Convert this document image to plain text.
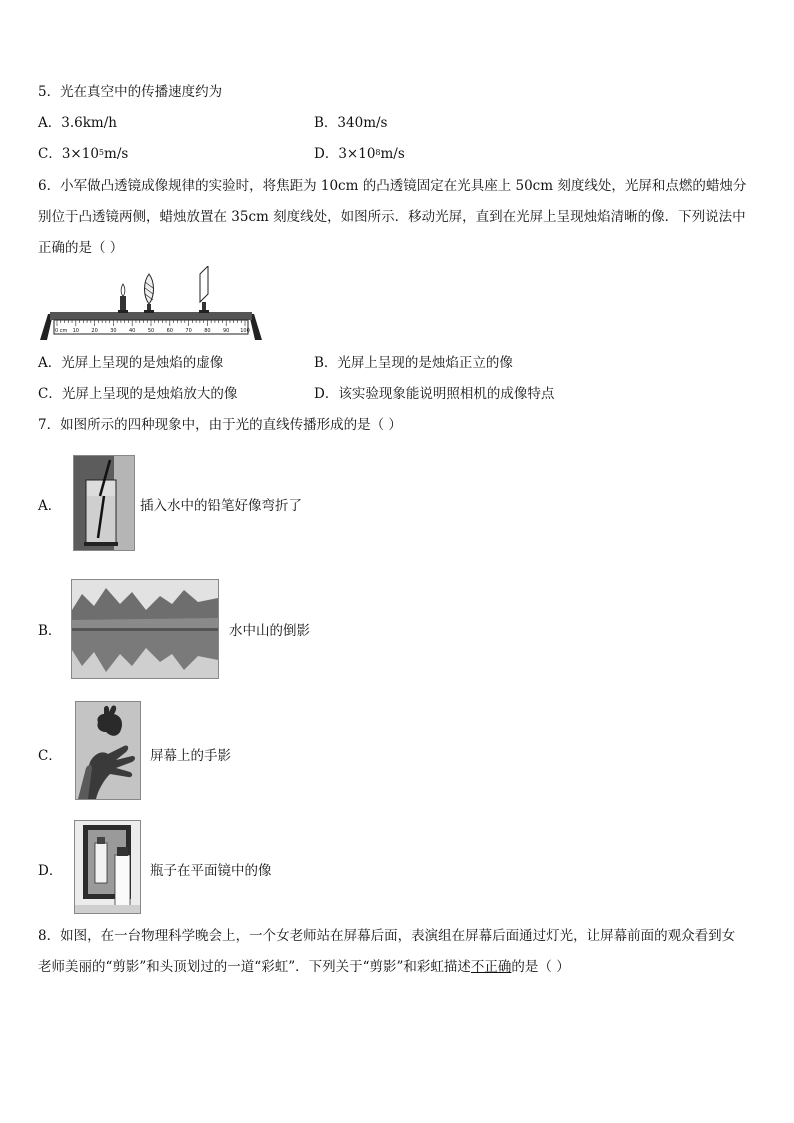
5．光在真空中的传播速度约为
A．3.6km/h	B．340m/s
C．$3\times 10^5m/s$	D．$3\times 10^8m/s$
6．小军做凸透镜成像规律的实验时，将焦距为 10cm 的凸透镜固定在光具座上 50cm 刻度线处，光屏和点燃的蜡烛分
别位于凸透镜两侧，蜡烛放置在 35cm 刻度线处，如图所示．移动光屏，直到在光屏上呈现烛焰清晰的像．下列说法中
正确的是（ ）
0 cm 10 20 30 40 50 60 70 80 90 100
A．光屏上呈现的是烛焰的虚像	B．光屏上呈现的是烛焰正立的像
C．光屏上呈现的是烛焰放大的像	D．该实验现象能说明照相机的成像特点
7．如图所示的四种现象中，由于光的直线传播形成的是（ ）
A．	插入水中的铅笔好像弯折了
B．	水中山的倒影
C．	屏幕上的手影
D．	瓶子在平面镜中的像
8．如图，在一台物理科学晚会上，一个女老师站在屏幕后面，表演组在屏幕后面通过灯光，让屏幕前面的观众看到女
老师美丽的“剪影”和头顶划过的一道“彩虹”．下列关于“剪影”和彩虹描述不正确的是（ ）
